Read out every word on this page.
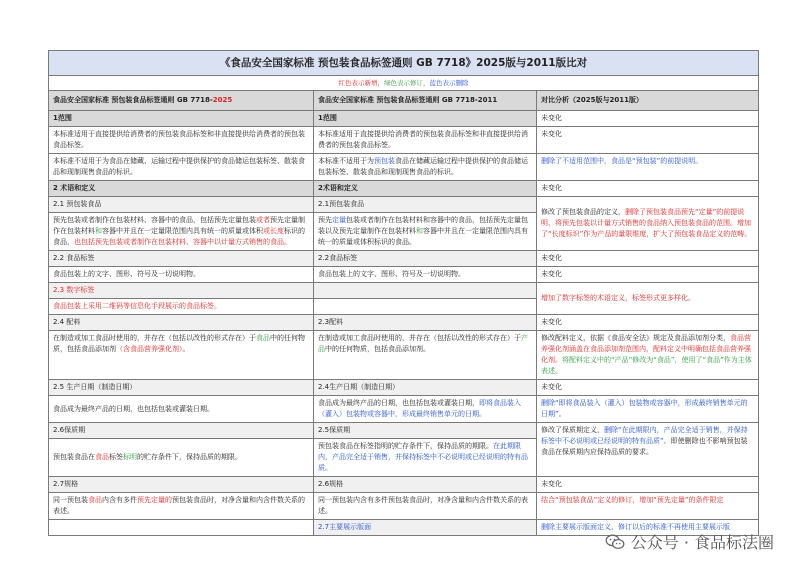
《食品安全国家标准 预包装食品标签通则 GB 7718》2025版与2011版比对		
红色表示新增，绿色表示修订，蓝色表示删除		
食品安全国家标准 预包装食品标签通则 GB 7718-2025	食品安全国家标准 预包装食品标签通则 GB 7718-2011	对比分析（2025版与2011版）
1范围	1范围	未变化
本标准适用于直接提供给消费者的预包装食品标签和非直接提供给消费者的预包装食品标签。	本标准适用于直接提供给消费者的预包装食品标签和非直接提供给消费者的预包装食品标签。	未变化
本标准不适用于为食品在储藏、运输过程中提供保护的食品储运包装标签、散装食品和现制现售食品的标识。	本标准不适用于为预包装食品在储藏运输过程中提供保护的食品储运包装标签、散装食品和现制现售食品的标识。	删除了不适用范围中，食品是“预包装”的前提说明。
2 术语和定义	2术语和定义	未变化
2.1 预包装食品	2.1预包装食品	修改了预包装食品的定义，删除了预包装食品预先“定量”的前提说明，将预先包装以计量方式销售的食品纳入预包装食品的范围。增加了“长度标识”作为产品的量限维度，扩大了预包装食品定义的范畴。
预先包装或者制作在包装材料、容器中的食品，包括预先定量包装或者预先定量制作在包装材料和容器中并且在一定量限范围内具有统一的质量或体积或长度标识的食品，也包括预先包装或者制作在包装材料、容器中以计量方式销售的食品。	预先定量包装或者制作在包装材料和容器中的食品，包括预先定量包装以及预先定量制作在包装材料和容器中并且在一定量限范围内具有统一的质量或体积标识的食品。	
2.2 食品标签	2.2食品标签	未变化
食品包装上的文字、图形、符号及一切说明物。	食品包装上的文字、图形、符号及一切说明物。	未变化
2.3 数字标签		增加了数字标签的术语定义，标签形式更多样化。
食品包装上采用二维码等信息化手段展示的食品标签。		
2.4 配料	2.3配料	未变化
在制造或加工食品时使用的，并存在（包括以改性的形式存在）于食品中的任何物质，包括食品添加剂（含食品营养强化剂）。	在制造或加工食品时使用的，并存在（包括以改性的形式存在）于产品中的任何物质，包括食品添加剂。	修改配料定义，依据《食品安全法》规定及食品添加剂分类，食品营养强化剂涵盖在食品添加剂范围内，配料定义中明确包括食品营养强化剂。将配料定义中的“产品”修改为“食品”，使用了“食品”作为主体表述。
2.5 生产日期（制造日期）	2.4生产日期（制造日期）	未变化
食品成为最终产品的日期，也包括包装或灌装日期。	食品成为最终产品的日期，也包括包装或灌装日期，即将食品装入（灌入）包装物或容器中，形成最终销售单元的日期。	删除“即将食品装入（灌入）包装物或容器中，形成最终销售单元的日期”。
2.6保质期	2.5保质期	修改了保质期定义，删除“在此期限内，产品完全适于销售，并保持标签中不必说明或已经说明的特有品质”。即使删除也不影响预包装食品在保质期内应保持品质的要求。
预包装食品在食品标签标明的贮存条件下，保持品质的期限。	预包装食品在标签指明的贮存条件下，保持品质的期限。在此期限内，产品完全适于销售，并保持标签中不必说明或已经说明的特有品质。	
2.7规格	2.6规格	未变化
同一预包装食品内含有多件预先定量的预包装食品时，对净含量和内含件数关系的表述。	同一预包装内含有多件预包装食品时，对净含量和内含件数关系的表述。	结合“预包装食品”定义的修订，增加“预先定量”的条件限定
	2.7主要展示版面	删除主要展示版面定义，修订以后的标准不再使用主要展示版
公众号 · 食品标法圈
